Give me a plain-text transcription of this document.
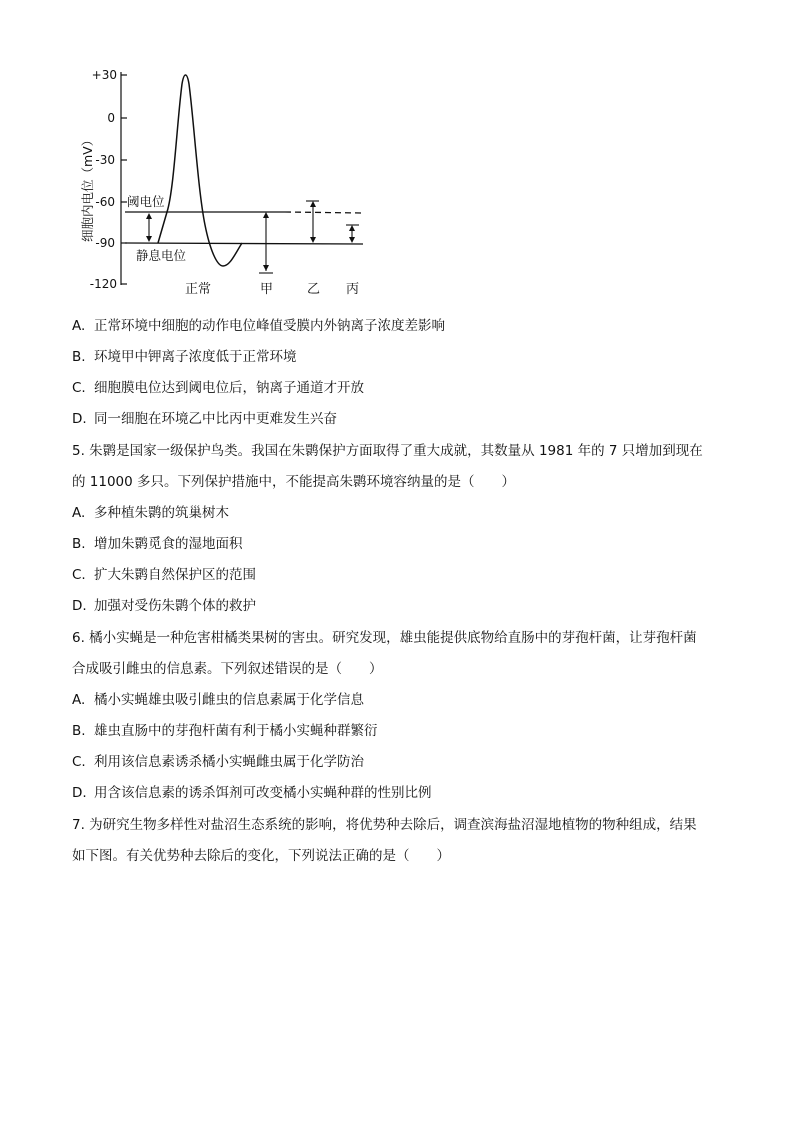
+30
0
-30
-60
-90
-120
细胞内电位（mV）	阈电位
静息电位
正常	甲	乙 丙
A. 正常环境中细胞的动作电位峰值受膜内外钠离子浓度差影响
B. 环境甲中钾离子浓度低于正常环境
C. 细胞膜电位达到阈电位后，钠离子通道才开放
D. 同一细胞在环境乙中比丙中更难发生兴奋
5. 朱鹮是国家一级保护鸟类。我国在朱鹮保护方面取得了重大成就，其数量从 1981 年的 7 只增加到现在
的 11000 多只。下列保护措施中，不能提高朱鹮环境容纳量的是（　　）
A. 多种植朱鹮的筑巢树木
B. 增加朱鹮觅食的湿地面积
C. 扩大朱鹮自然保护区的范围
D. 加强对受伤朱鹮个体的救护
6. 橘小实蝇是一种危害柑橘类果树的害虫。研究发现，雄虫能提供底物给直肠中的芽孢杆菌，让芽孢杆菌
合成吸引雌虫的信息素。下列叙述错误的是（　　）
A. 橘小实蝇雄虫吸引雌虫的信息素属于化学信息
B. 雄虫直肠中的芽孢杆菌有利于橘小实蝇种群繁衍
C. 利用该信息素诱杀橘小实蝇雌虫属于化学防治
D. 用含该信息素的诱杀饵剂可改变橘小实蝇种群的性别比例
7. 为研究生物多样性对盐沼生态系统的影响，将优势种去除后，调查滨海盐沼湿地植物的物种组成，结果
如下图。有关优势种去除后的变化，下列说法正确的是（　　）
